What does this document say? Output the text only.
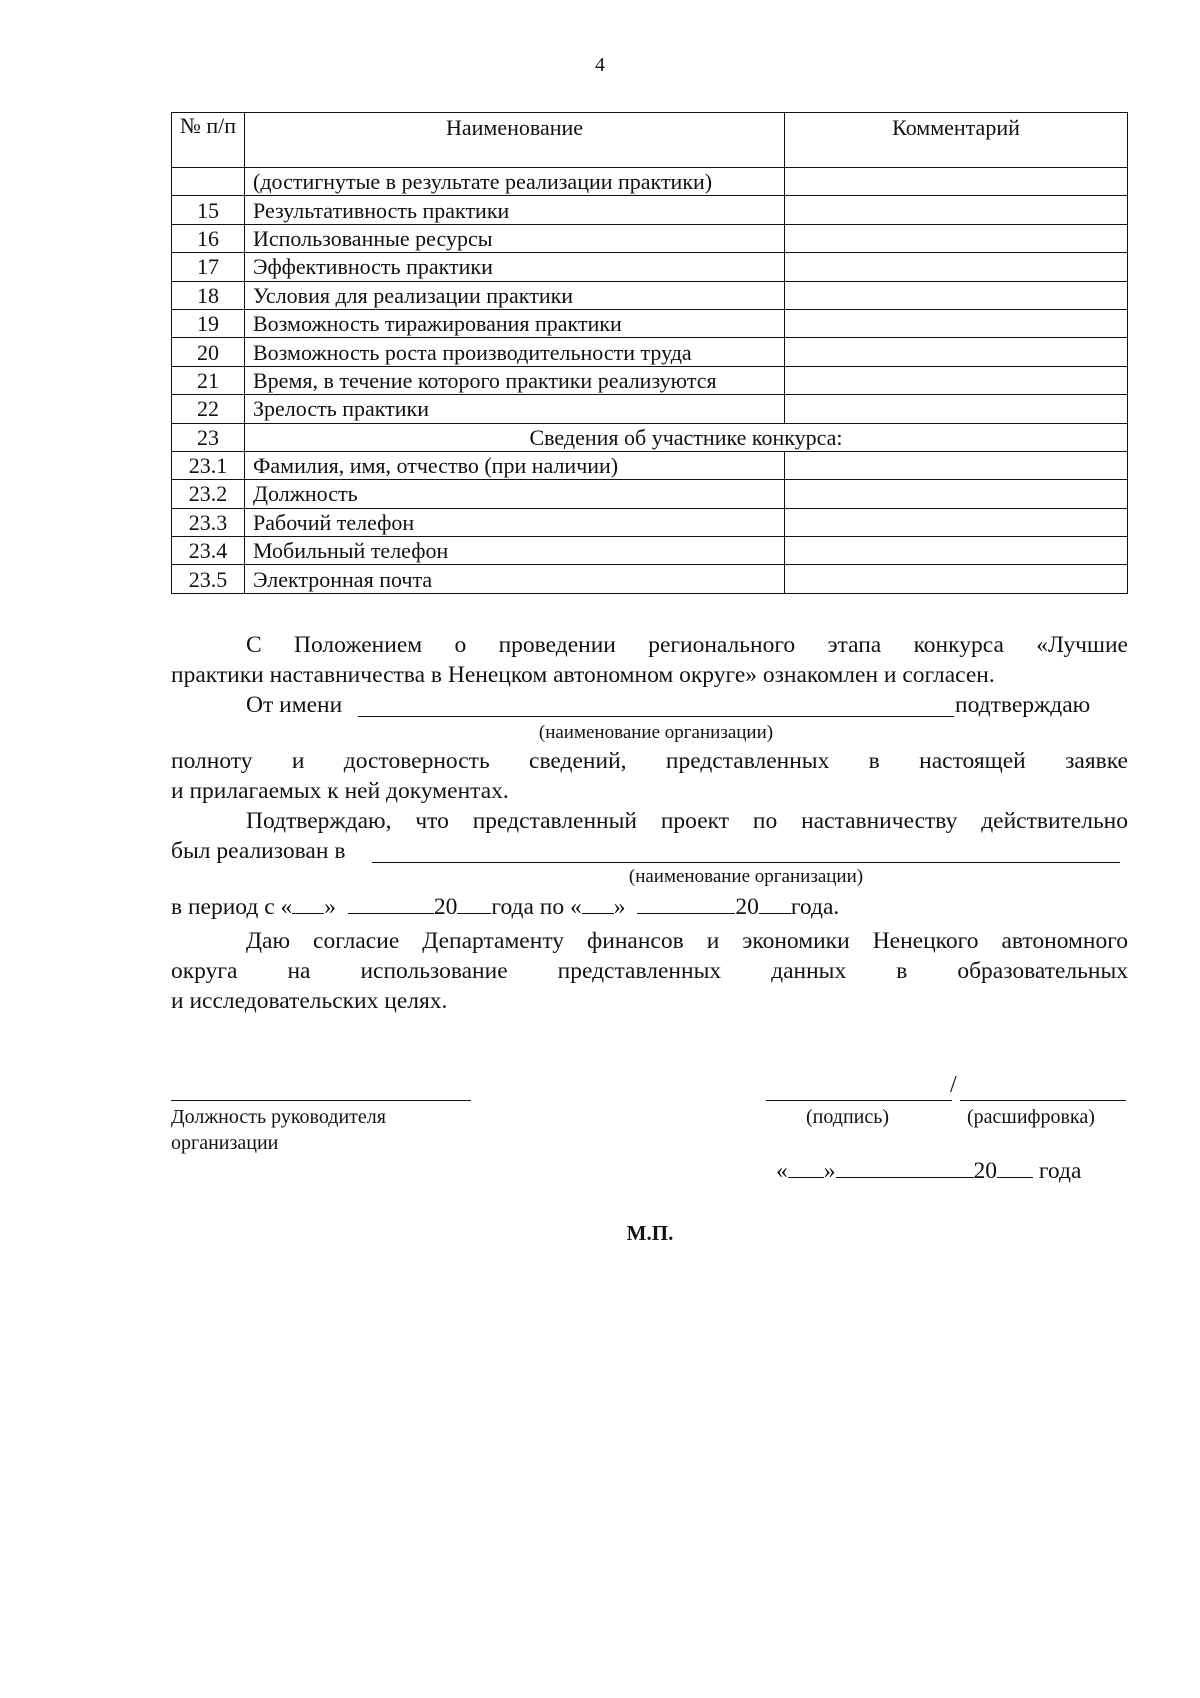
4
№ п/п	Наименование	Комментарий
	(достигнутые в результате реализации практики)	
15	Результативность практики	
16	Использованные ресурсы	
17	Эффективность практики	
18	Условия для реализации практики	
19	Возможность тиражирования практики	
20	Возможность роста производительности труда	
21	Время, в течение которого практики реализуются	
22	Зрелость практики	
23	Сведения об участнике конкурса:	
23.1	Фамилия, имя, отчество (при наличии)	
23.2	Должность	
23.3	Рабочий телефон	
23.4	Мобильный телефон	
23.5	Электронная почта	
С Положением о проведении регионального этапа конкурса «Лучшие
практики наставничества в Ненецком автономном округе» ознакомлен и согласен.
От имени	подтверждаю
(наименование организации)
полноту и достоверность сведений, представленных в настоящей заявке
и прилагаемых к ней документах.
Подтверждаю, что представленный проект по наставничеству действительно
был реализован в
(наименование организации)
в период с « »	20 года по « »	20 года.
Даю согласие Департаменту финансов и экономики Ненецкого автономного
округа на использование представленных данных в образовательных
и исследовательских целях.
Должность руководителя
организации
/
(подпись)	(расшифровка)
« »	20 года
М.П.
